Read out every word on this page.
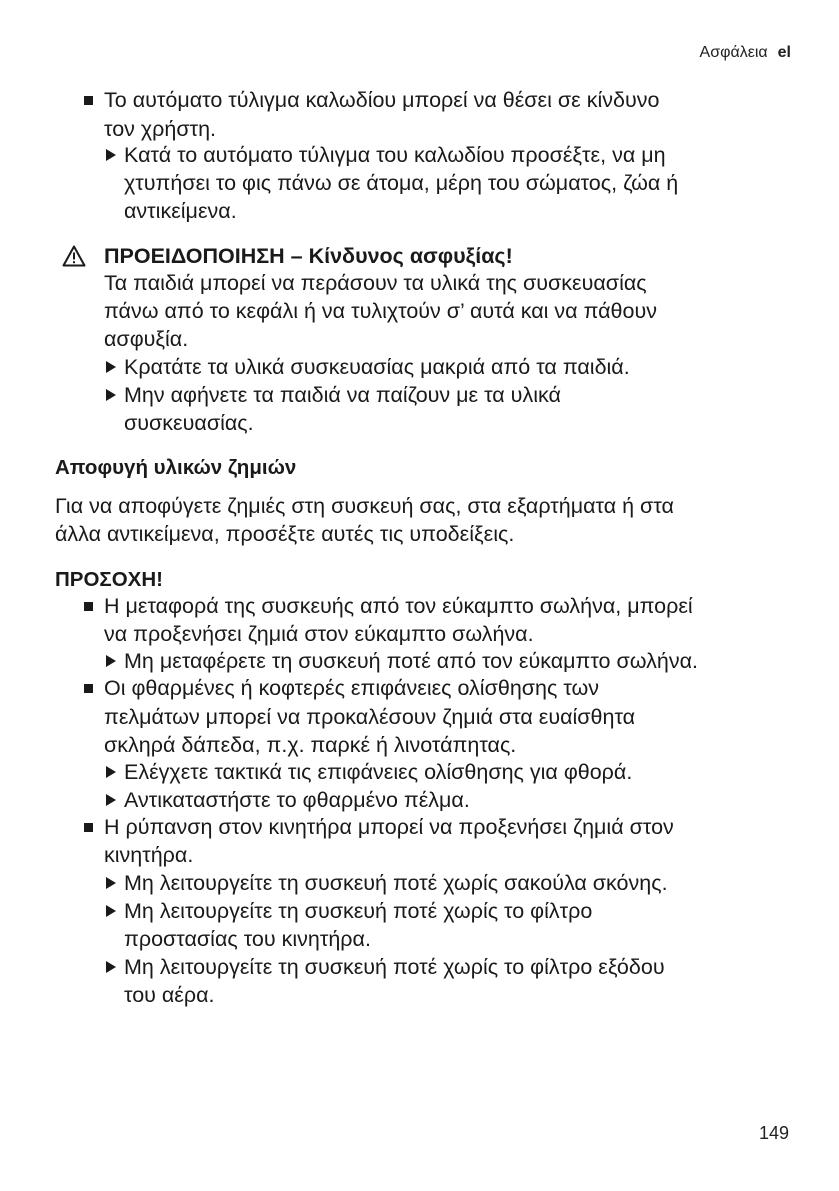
Ασφάλεια el
Το αυτόματο τύλιγμα καλωδίου μπορεί να θέσει σε κίνδυνο
τον χρήστη.
Κατά το αυτόματο τύλιγμα του καλωδίου προσέξτε, να μη
χτυπήσει το φις πάνω σε άτομα, μέρη του σώματος, ζώα ή
αντικείμενα.
ΠΡΟΕΙΔΟΠΟΙΗΣΗ – Κίνδυνος ασφυξίας!
Τα παιδιά μπορεί να περάσουν τα υλικά της συσκευασίας
πάνω από το κεφάλι ή να τυλιχτούν σ’ αυτά και να πάθουν
ασφυξία.
Κρατάτε τα υλικά συσκευασίας μακριά από τα παιδιά.
Μην αφήνετε τα παιδιά να παίζουν με τα υλικά
συσκευασίας.
Αποφυγή υλικών ζημιών
Για να αποφύγετε ζημιές στη συσκευή σας, στα εξαρτήματα ή στα
άλλα αντικείμενα, προσέξτε αυτές τις υποδείξεις.
ΠΡΟΣΟΧΗ!
Η μεταφορά της συσκευής από τον εύκαμπτο σωλήνα, μπορεί
να προξενήσει ζημιά στον εύκαμπτο σωλήνα.
Μη μεταφέρετε τη συσκευή ποτέ από τον εύκαμπτο σωλήνα.
Οι φθαρμένες ή κοφτερές επιφάνειες ολίσθησης των
πελμάτων μπορεί να προκαλέσουν ζημιά στα ευαίσθητα
σκληρά δάπεδα, π.χ. παρκέ ή λινοτάπητας.
Ελέγχετε τακτικά τις επιφάνειες ολίσθησης για φθορά.
Αντικαταστήστε το φθαρμένο πέλμα.
Η ρύπανση στον κινητήρα μπορεί να προξενήσει ζημιά στον
κινητήρα.
Μη λειτουργείτε τη συσκευή ποτέ χωρίς σακούλα σκόνης.
Μη λειτουργείτε τη συσκευή ποτέ χωρίς το φίλτρο
προστασίας του κινητήρα.
Μη λειτουργείτε τη συσκευή ποτέ χωρίς το φίλτρο εξόδου
του αέρα.
149
